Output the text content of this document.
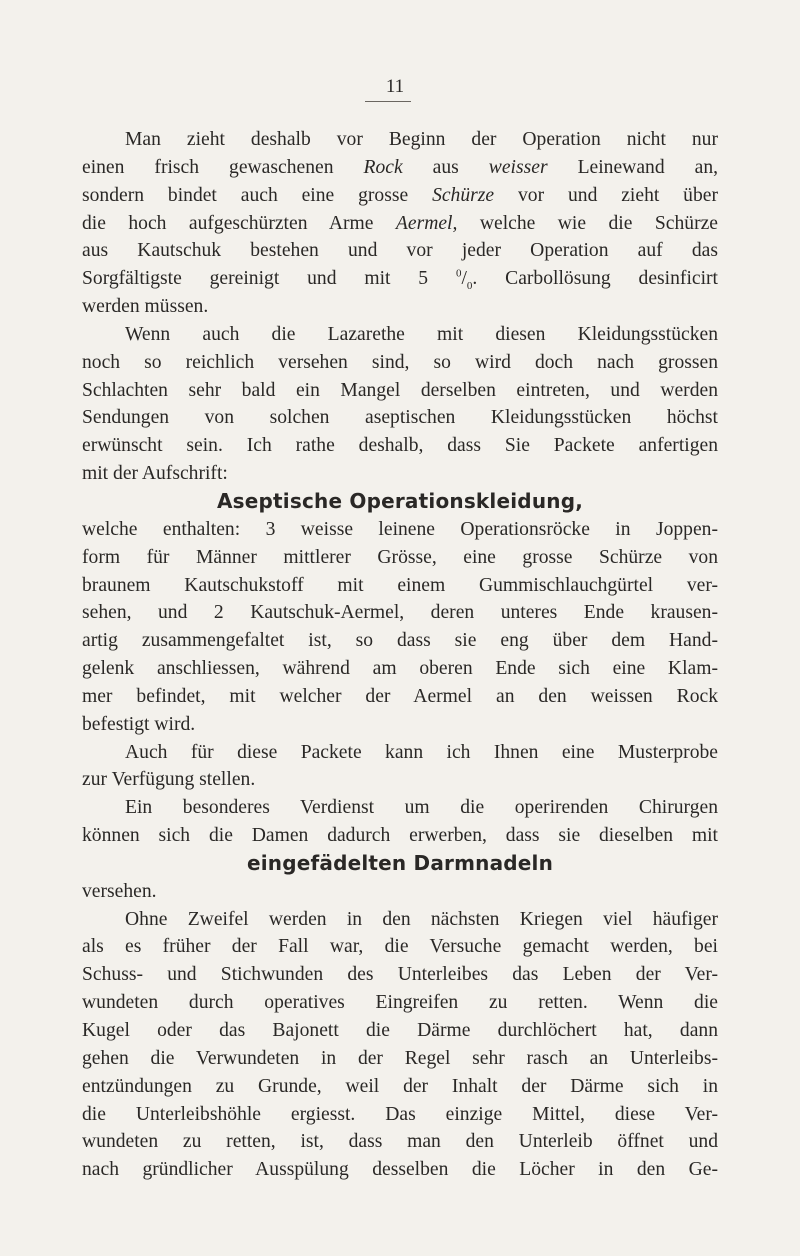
11
Man zieht deshalb vor Beginn der Operation nicht nur
einen frisch gewaschenen Rock aus weisser Leinewand an,
sondern bindet auch eine grosse Schürze vor und zieht über
die hoch aufgeschürzten Arme Aermel, welche wie die Schürze
aus Kautschuk bestehen und vor jeder Operation auf das
Sorgfältigste gereinigt und mit 5 $^0/_0$. Carbollösung desinficirt
werden müssen.
Wenn auch die Lazarethe mit diesen Kleidungsstücken
noch so reichlich versehen sind, so wird doch nach grossen
Schlachten sehr bald ein Mangel derselben eintreten, und werden
Sendungen von solchen aseptischen Kleidungsstücken höchst
erwünscht sein. Ich rathe deshalb, dass Sie Packete anfertigen
mit der Aufschrift:
Aseptische Operationskleidung,
welche enthalten: 3 weisse leinene Operationsröcke in Joppen-
form für Männer mittlerer Grösse, eine grosse Schürze von
braunem Kautschukstoff mit einem Gummischlauchgürtel ver-
sehen, und 2 Kautschuk-Aermel, deren unteres Ende krausen-
artig zusammengefaltet ist, so dass sie eng über dem Hand-
gelenk anschliessen, während am oberen Ende sich eine Klam-
mer befindet, mit welcher der Aermel an den weissen Rock
befestigt wird.
Auch für diese Packete kann ich Ihnen eine Musterprobe
zur Verfügung stellen.
Ein besonderes Verdienst um die operirenden Chirurgen
können sich die Damen dadurch erwerben, dass sie dieselben mit
eingefädelten Darmnadeln
versehen.
Ohne Zweifel werden in den nächsten Kriegen viel häufiger
als es früher der Fall war, die Versuche gemacht werden, bei
Schuss- und Stichwunden des Unterleibes das Leben der Ver-
wundeten durch operatives Eingreifen zu retten. Wenn die
Kugel oder das Bajonett die Därme durchlöchert hat, dann
gehen die Verwundeten in der Regel sehr rasch an Unterleibs-
entzündungen zu Grunde, weil der Inhalt der Därme sich in
die Unterleibshöhle ergiesst. Das einzige Mittel, diese Ver-
wundeten zu retten, ist, dass man den Unterleib öffnet und
nach gründlicher Ausspülung desselben die Löcher in den Ge-
